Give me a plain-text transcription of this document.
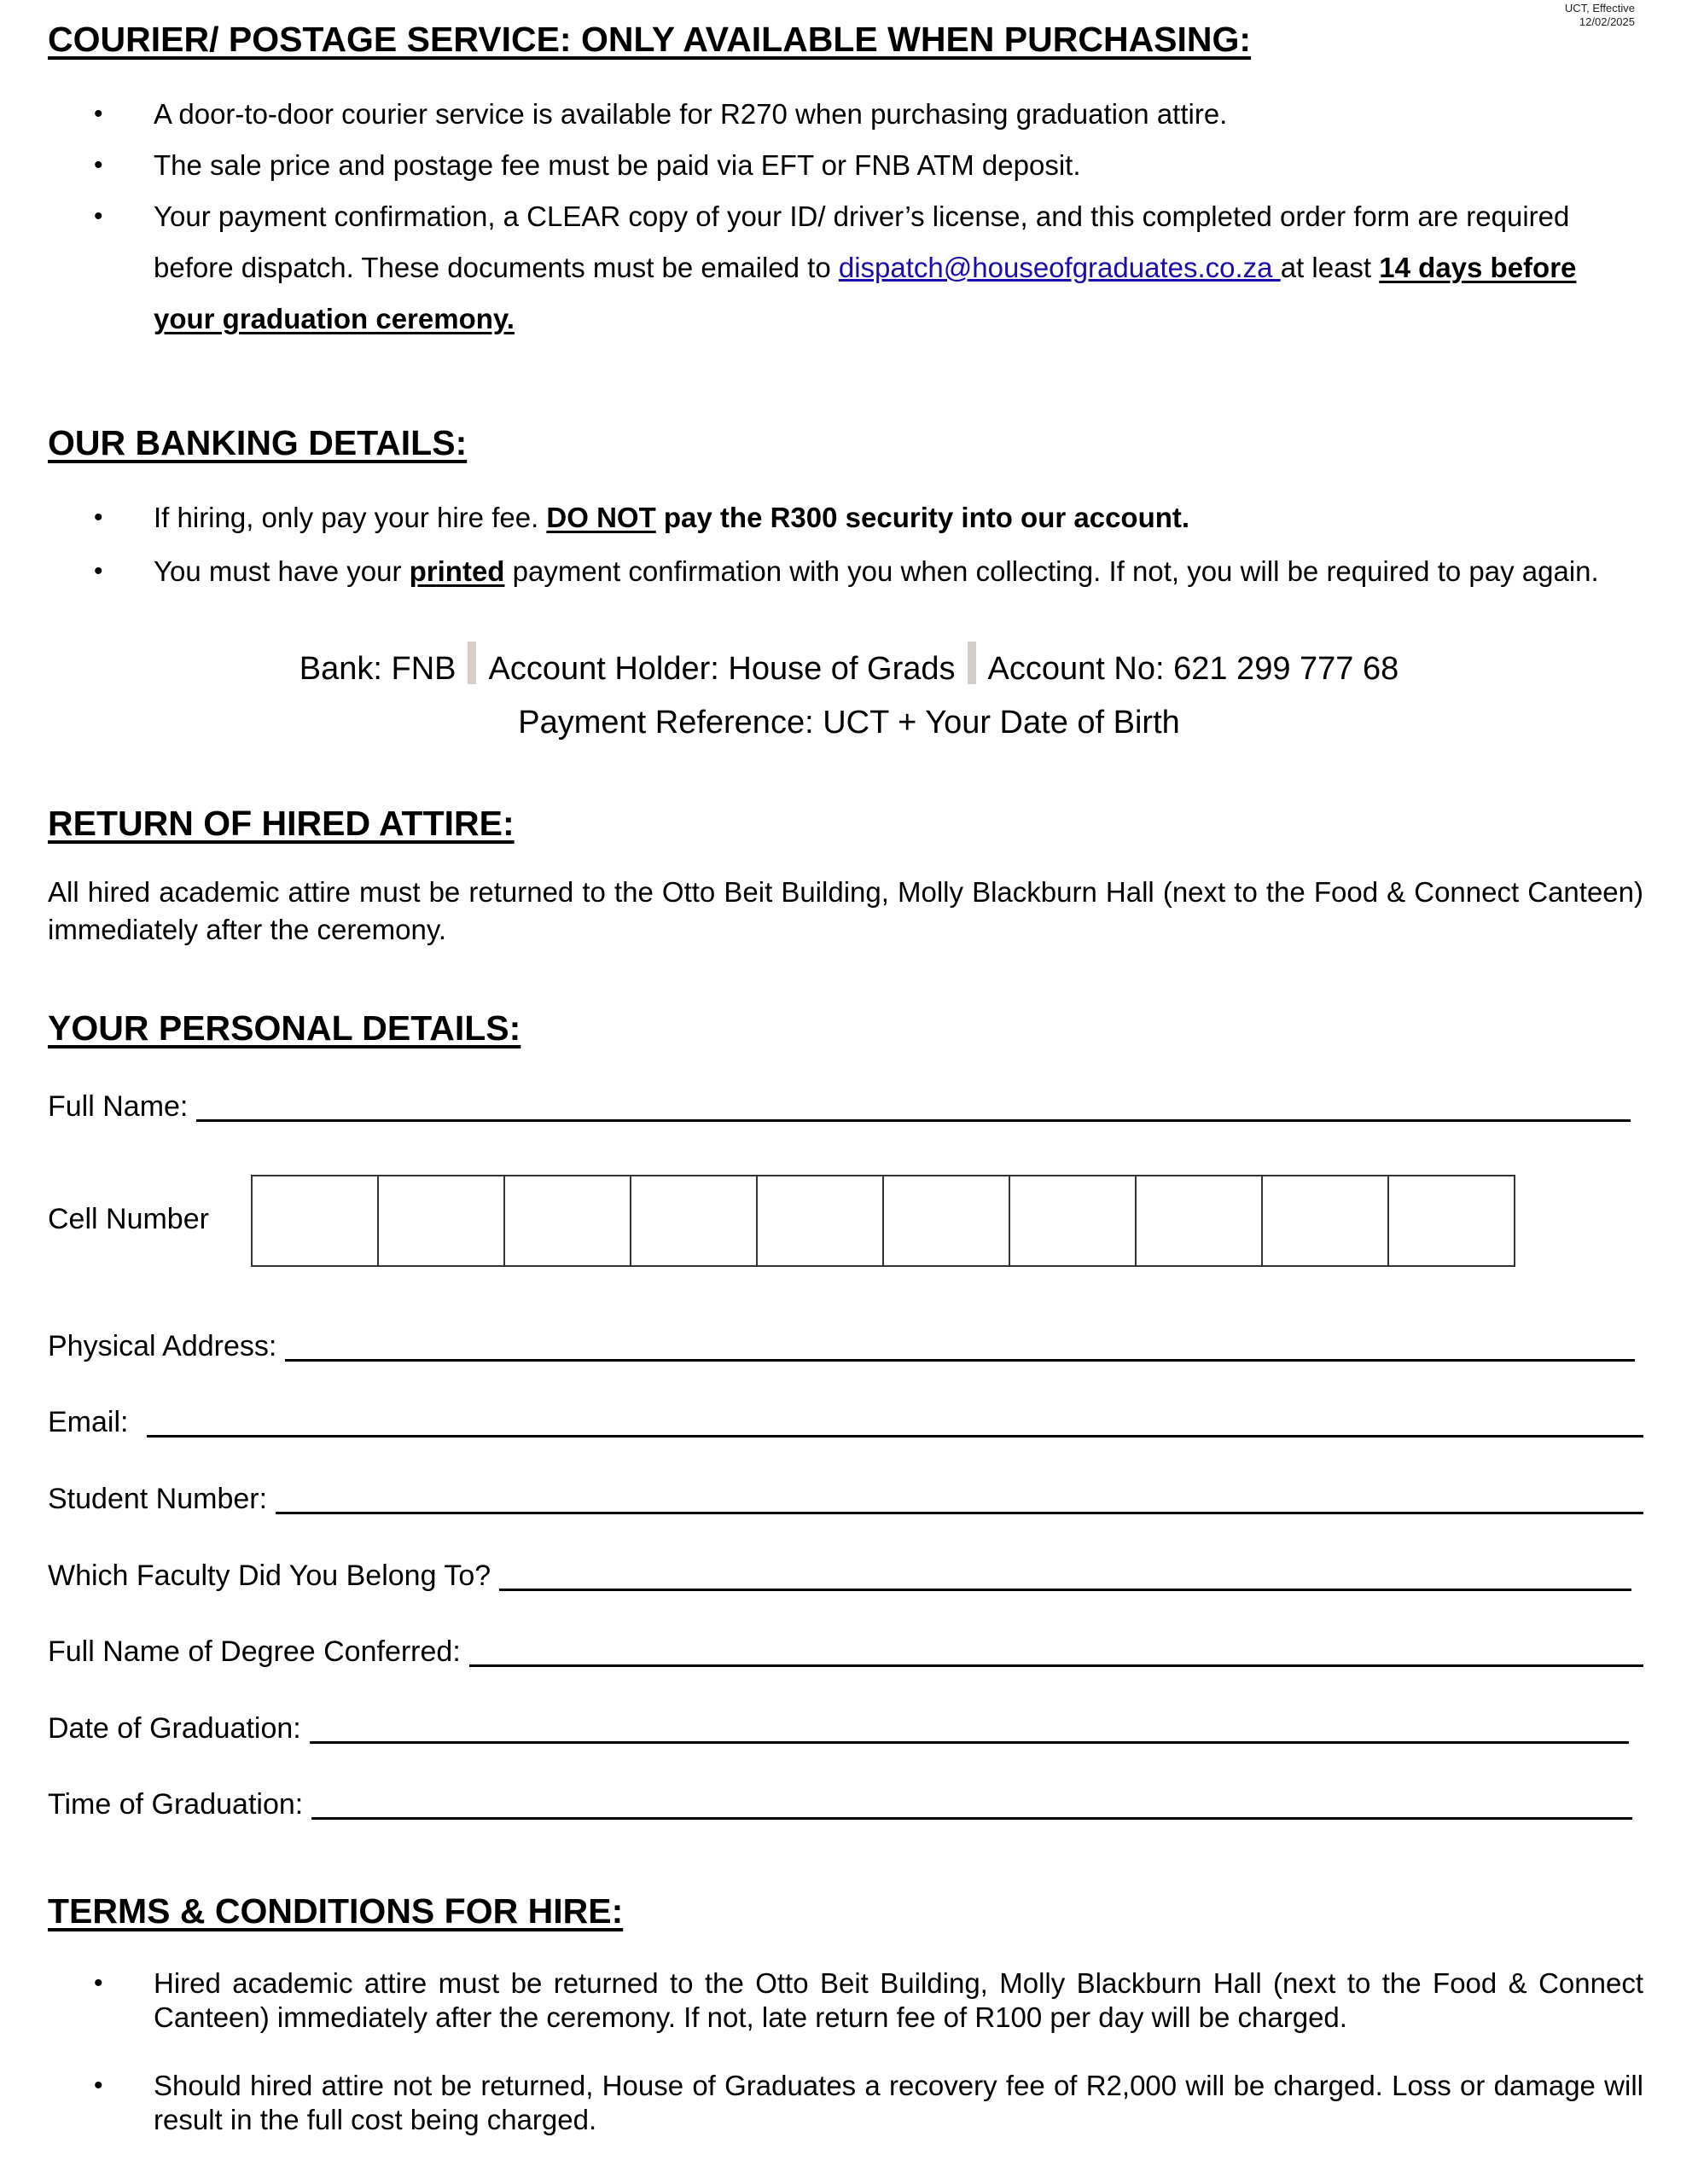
UCT, Effective
12/02/2025
COURIER/ POSTAGE SERVICE: ONLY AVAILABLE WHEN PURCHASING:
• A door-to-door courier service is available for R270 when purchasing graduation attire.
• The sale price and postage fee must be paid via EFT or FNB ATM deposit.
• Your payment confirmation, a CLEAR copy of your ID/ driver’s license, and this completed order form are required before dispatch. These documents must be emailed to dispatch@houseofgraduates.co.za at least 14 days before your graduation ceremony.
OUR BANKING DETAILS:
• If hiring, only pay your hire fee. DO NOT pay the R300 security into our account.
• You must have your printed payment confirmation with you when collecting. If not, you will be required to pay again.
Bank: FNB Account Holder: House of Grads Account No: 621 299 777 68
Payment Reference: UCT + Your Date of Birth
RETURN OF HIRED ATTIRE:
All hired academic attire must be returned to the Otto Beit Building, Molly Blackburn Hall (next to the Food & Connect Canteen) immediately after the ceremony.
YOUR PERSONAL DETAILS:
Full Name:
Cell Number
Physical Address:
Email:
Student Number:
Which Faculty Did You Belong To?
Full Name of Degree Conferred:
Date of Graduation:
Time of Graduation:
TERMS & CONDITIONS FOR HIRE:
• Hired academic attire must be returned to the Otto Beit Building, Molly Blackburn Hall (next to the Food & Connect Canteen) immediately after the ceremony. If not, late return fee of R100 per day will be charged.
• Should hired attire not be returned, House of Graduates a recovery fee of R2,000 will be charged. Loss or damage will result in the full cost being charged.
